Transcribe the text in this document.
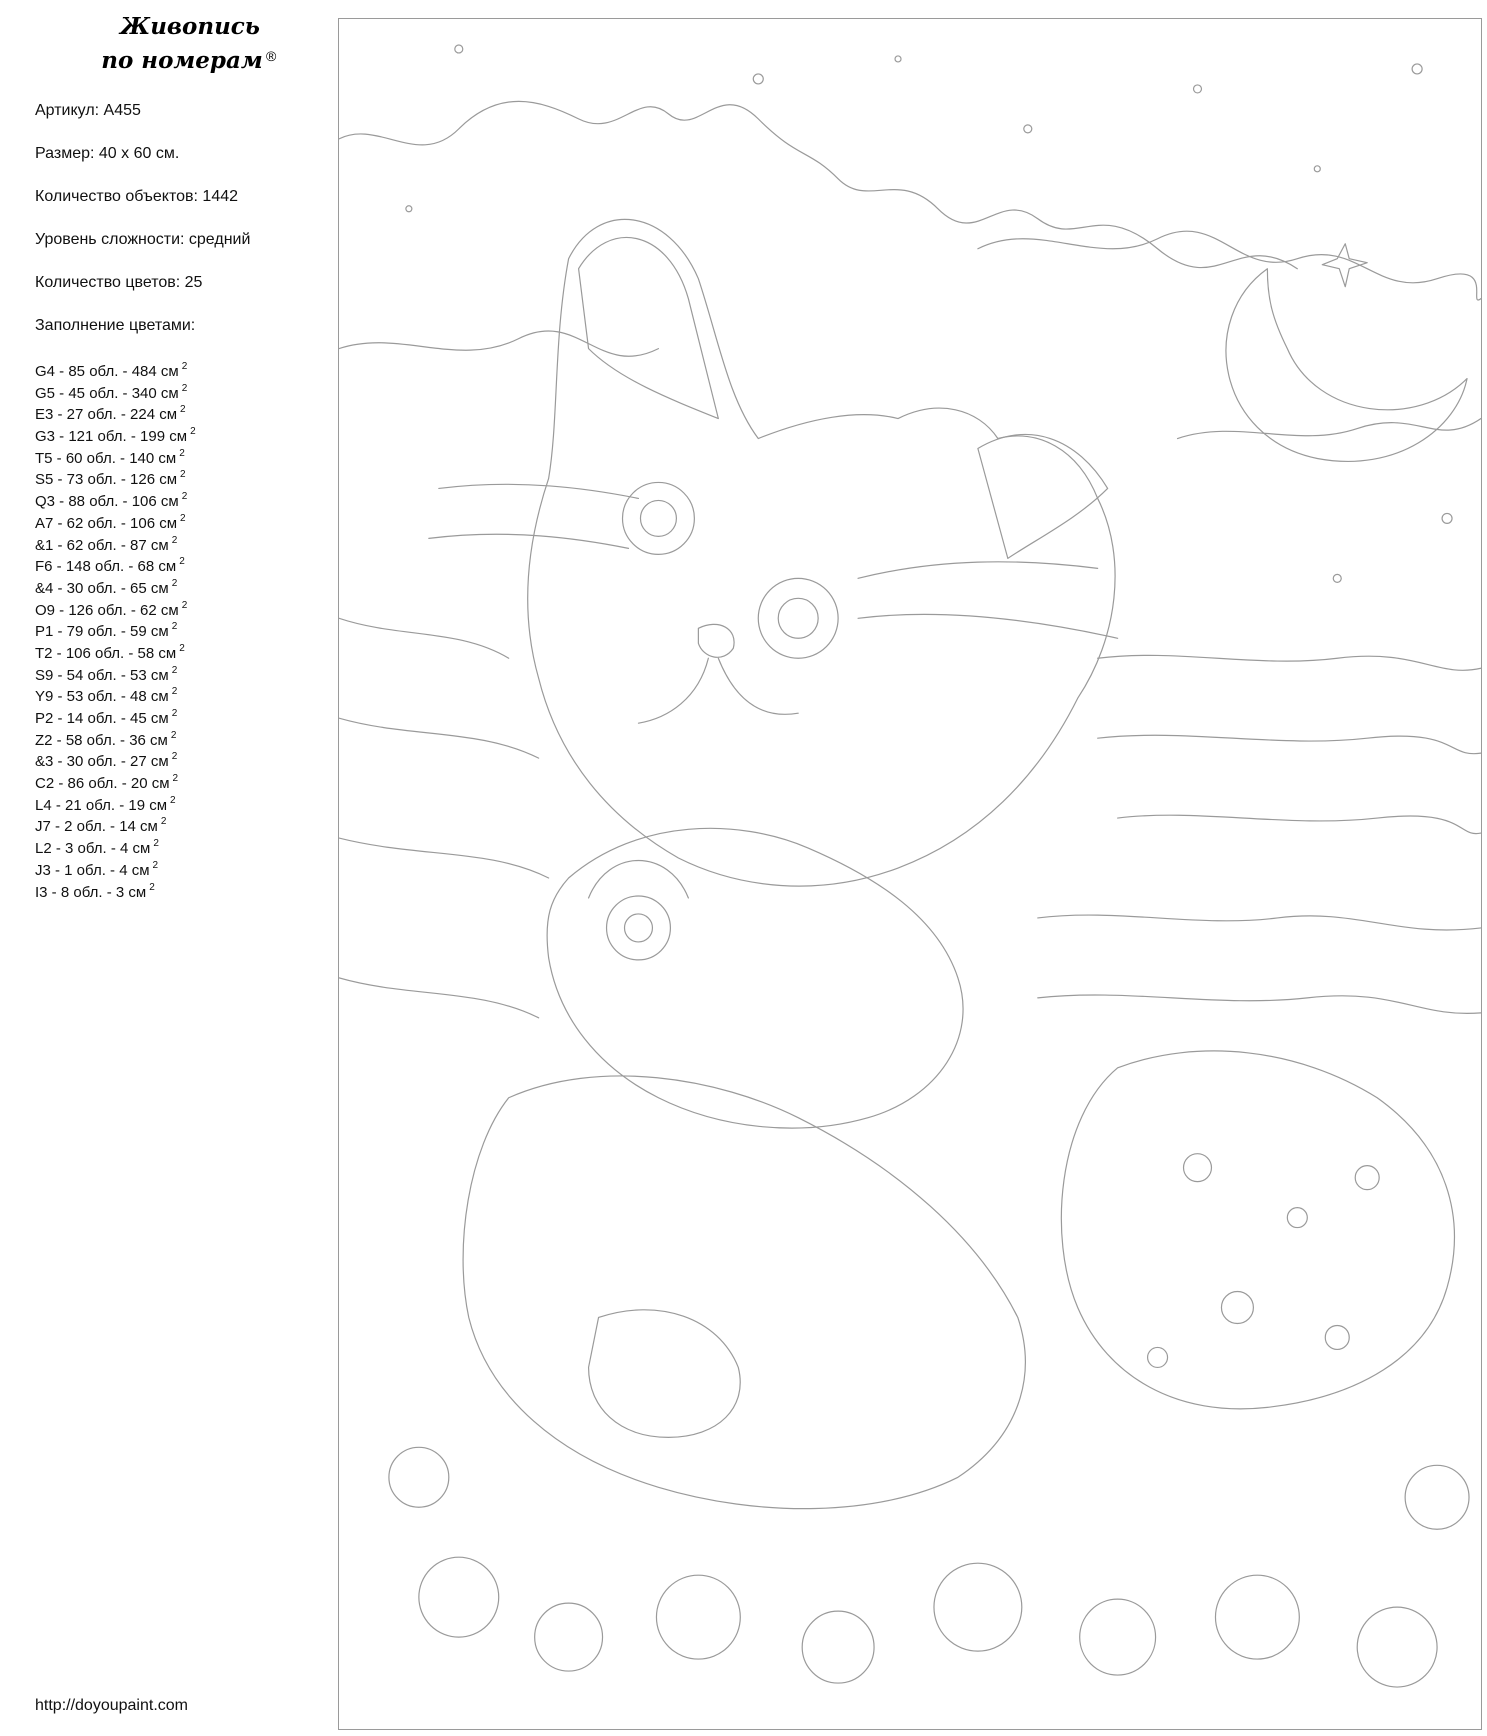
Живопись
по номерам ®

Артикул: A455

Размер: 40 х 60 см.

Количество объектов: 1442

Уровень сложности: средний

Количество цветов: 25

Заполнение цветами:

G4 - 85 обл. - 484 см $^2$
G5 - 45 обл. - 340 см $^2$
E3 - 27 обл. - 224 см $^2$
G3 - 121 обл. - 199 см $^2$
T5 - 60 обл. - 140 см $^2$
S5 - 73 обл. - 126 см $^2$
Q3 - 88 обл. - 106 см $^2$
A7 - 62 обл. - 106 см $^2$
&1 - 62 обл. - 87 см $^2$
F6 - 148 обл. - 68 см $^2$
&4 - 30 обл. - 65 см $^2$
O9 - 126 обл. - 62 см $^2$
P1 - 79 обл. - 59 см $^2$
T2 - 106 обл. - 58 см $^2$
S9 - 54 обл. - 53 см $^2$
Y9 - 53 обл. - 48 см $^2$
P2 - 14 обл. - 45 см $^2$
Z2 - 58 обл. - 36 см $^2$
&3 - 30 обл. - 27 см $^2$
C2 - 86 обл. - 20 см $^2$
L4 - 21 обл. - 19 см $^2$
J7 - 2 обл. - 14 см $^2$
L2 - 3 обл. - 4 см $^2$
J3 - 1 обл. - 4 см $^2$
I3 - 8 обл. - 3 см $^2$
http://doyoupaint.com
